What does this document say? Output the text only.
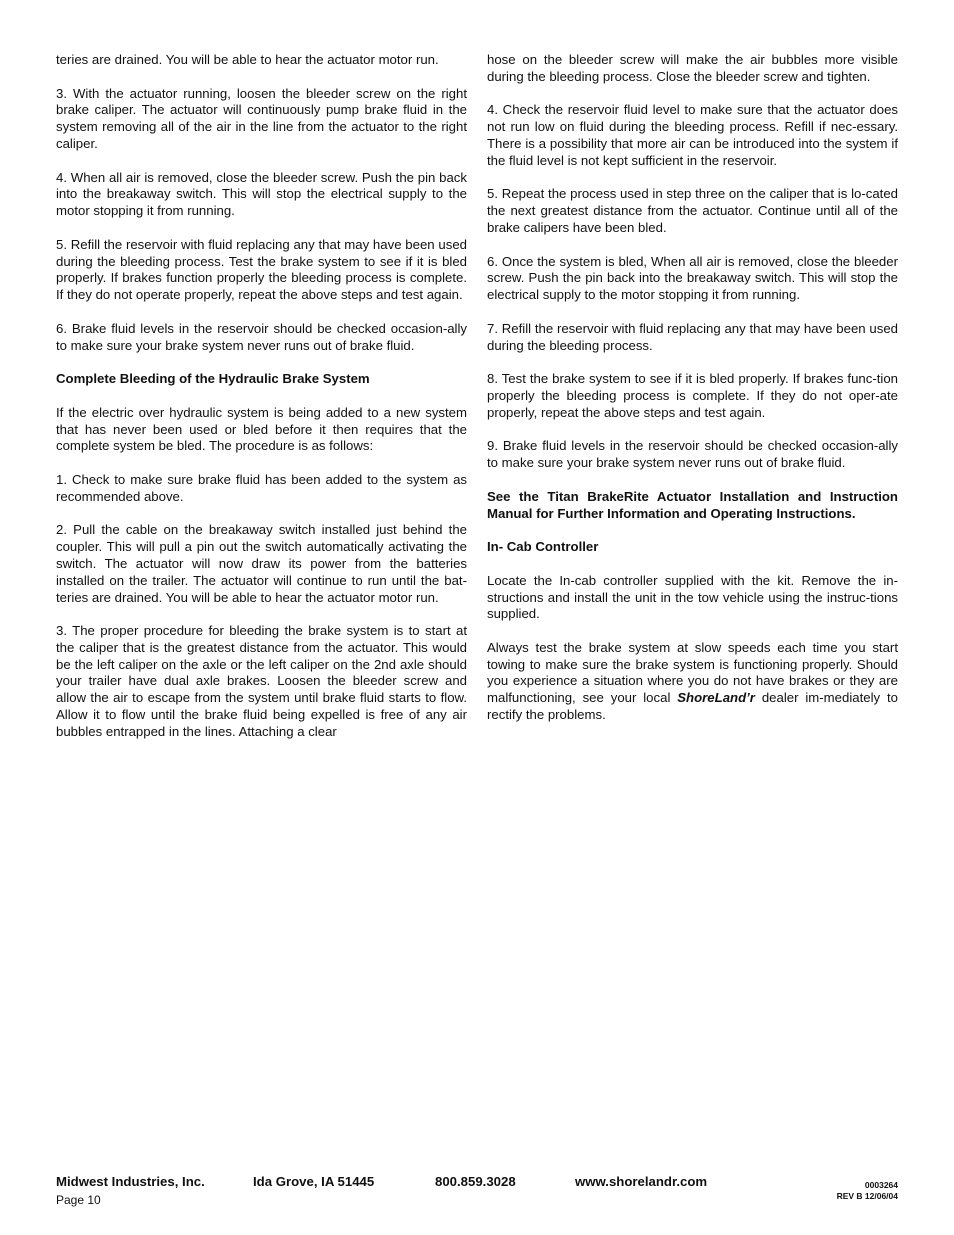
teries are drained. You will be able to hear the actuator motor run.

3. With the actuator running, loosen the bleeder screw on the right brake caliper. The actuator will continuously pump brake fluid in the system removing all of the air in the line from the actuator to the right caliper.

4. When all air is removed, close the bleeder screw. Push the pin back into the breakaway switch. This will stop the electrical supply to the motor stopping it from running.

5. Refill the reservoir with fluid replacing any that may have been used during the bleeding process. Test the brake system to see if it is bled properly. If brakes function properly the bleeding process is complete. If they do not operate properly, repeat the above steps and test again.

6. Brake fluid levels in the reservoir should be checked occasion-ally to make sure your brake system never runs out of brake fluid.

Complete Bleeding of the Hydraulic Brake System

If the electric over hydraulic system is being added to a new system that has never been used or bled before it then requires that the complete system be bled. The procedure is as follows:

1. Check to make sure brake fluid has been added to the system as recommended above.

2. Pull the cable on the breakaway switch installed just behind the coupler. This will pull a pin out the switch automatically activating the switch. The actuator will now draw its power from the batteries installed on the trailer. The actuator will continue to run until the bat-teries are drained. You will be able to hear the actuator motor run.

3. The proper procedure for bleeding the brake system is to start at the caliper that is the greatest distance from the actuator. This would be the left caliper on the axle or the left caliper on the 2nd axle should your trailer have dual axle brakes. Loosen the bleeder screw and allow the air to escape from the system until brake fluid starts to flow. Allow it to flow until the brake fluid being expelled is free of any air bubbles entrapped in the lines. Attaching a clear

hose on the bleeder screw will make the air bubbles more visible during the bleeding process. Close the bleeder screw and tighten.

4. Check the reservoir fluid level to make sure that the actuator does not run low on fluid during the bleeding process. Refill if nec-essary. There is a possibility that more air can be introduced into the system if the fluid level is not kept sufficient in the reservoir.

5. Repeat the process used in step three on the caliper that is lo-cated the next greatest distance from the actuator. Continue until all of the brake calipers have been bled.

6. Once the system is bled, When all air is removed, close the bleeder screw. Push the pin back into the breakaway switch. This will stop the electrical supply to the motor stopping it from running.

7. Refill the reservoir with fluid replacing any that may have been used during the bleeding process.

8. Test the brake system to see if it is bled properly. If brakes func-tion properly the bleeding process is complete. If they do not oper-ate properly, repeat the above steps and test again.

9. Brake fluid levels in the reservoir should be checked occasion-ally to make sure your brake system never runs out of brake fluid.

See the Titan BrakeRite Actuator Installation and Instruction Manual for Further Information and Operating Instructions.

In- Cab Controller

Locate the In-cab controller supplied with the kit. Remove the in-structions and install the unit in the tow vehicle using the instruc-tions supplied.

Always test the brake system at slow speeds each time you start towing to make sure the brake system is functioning properly. Should you experience a situation where you do not have brakes or they are malfunctioning, see your local ShoreLand’r dealer im-mediately to rectify the problems.

Midwest Industries, Inc.	Ida Grove, IA 51445	800.859.3028	www.shorelandr.com
Page 10
0003264
REV B 12/06/04
